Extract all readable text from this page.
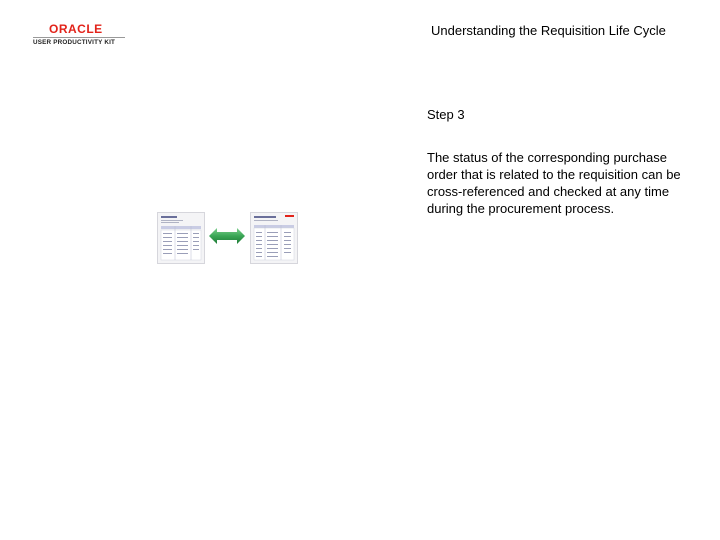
ORACLE
USER PRODUCTIVITY KIT
Understanding the Requisition Life Cycle
Step 3
The status of the corresponding purchase order that is related to the requisition can be cross-referenced and checked at any time during the procurement process.
